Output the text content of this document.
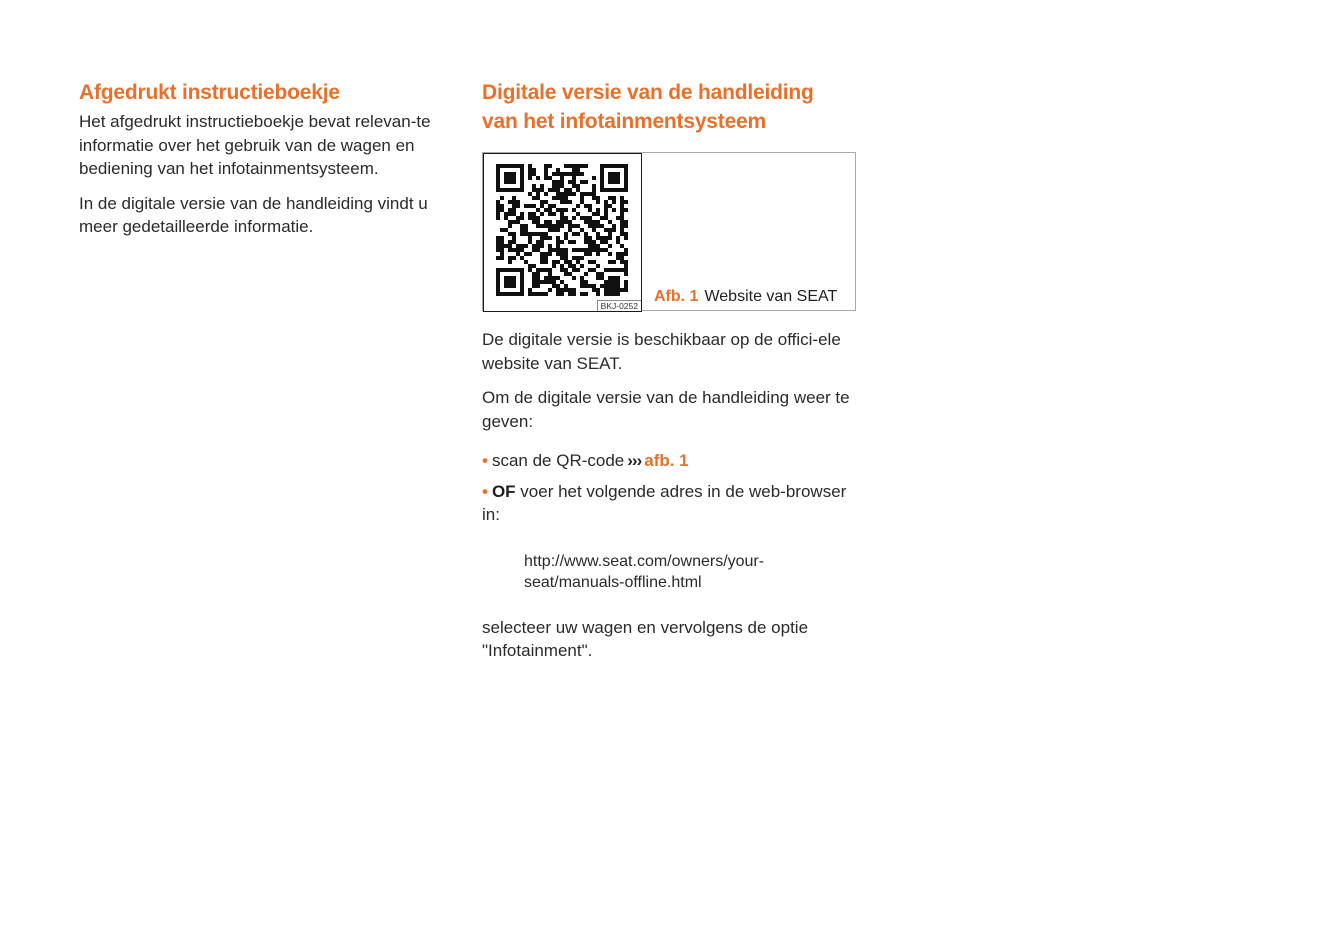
Afgedrukt instructieboekje

Het afgedrukt instructieboekje bevat relevan-te informatie over het gebruik van de wagen en bediening van het infotainmentsysteem.

In de digitale versie van de handleiding vindt u meer gedetailleerde informatie.

Digitale versie van de handleiding
van het infotainmentsysteem
BKJ-0252
Afb. 1 Website van SEAT

De digitale versie is beschikbaar op de offici-ele website van SEAT.

Om de digitale versie van de handleiding weer te geven:

• scan de QR-code ››› afb. 1

• OF voer het volgende adres in de web-browser in:

http://www.seat.com/owners/your-
seat/manuals-offline.html

selecteer uw wagen en vervolgens de optie "Infotainment".
